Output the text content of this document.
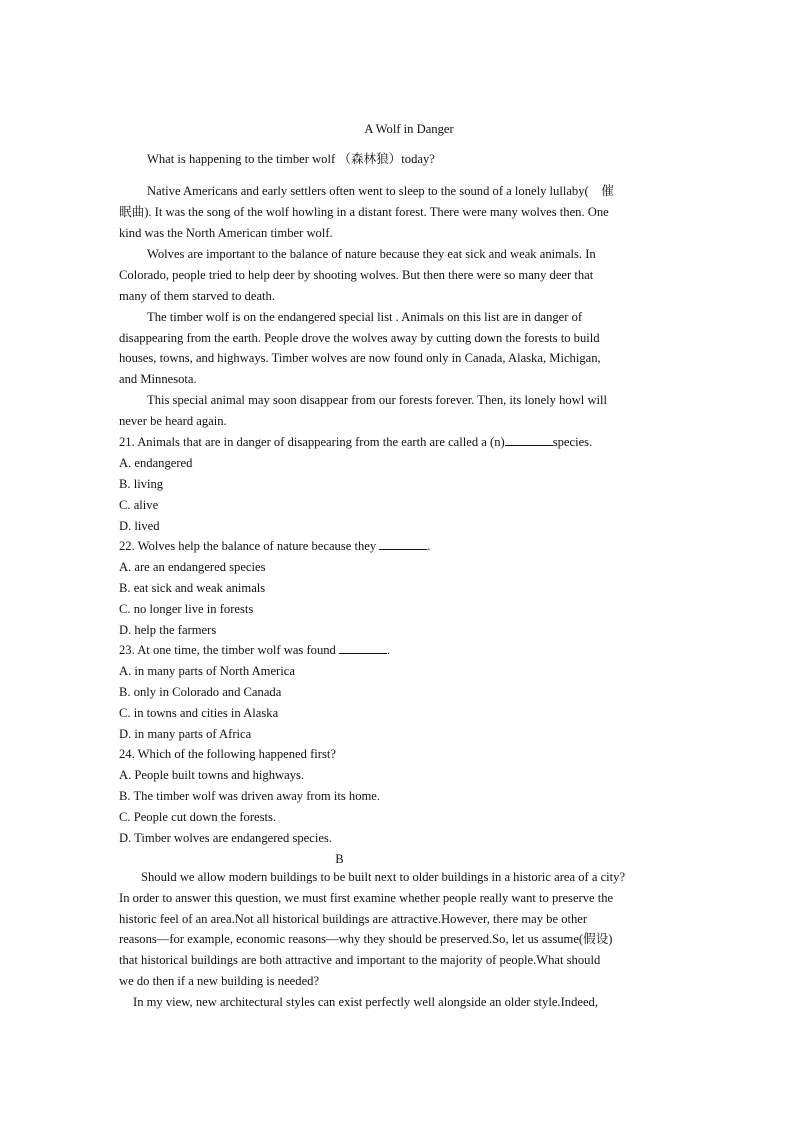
A Wolf in Danger
What is happening to the timber wolf （森林狼）today?
Native Americans and early settlers often went to sleep to the sound of a lonely lullaby(　催
眠曲). It was the song of the wolf howling in a distant forest. There were many wolves then. One
kind was the North American timber wolf.
Wolves are important to the balance of nature because they eat sick and weak animals. In
Colorado, people tried to help deer by shooting wolves. But then there were so many deer that
many of them starved to death.
The timber wolf is on the endangered special list . Animals on this list are in danger of
disappearing from the earth. People drove the wolves away by cutting down the forests to build
houses, towns, and highways. Timber wolves are now found only in Canada, Alaska, Michigan,
and Minnesota.
This special animal may soon disappear from our forests forever. Then, its lonely howl will
never be heard again.
21. Animals that are in danger of disappearing from the earth are called a (n)	species.
A. endangered
B. living
C. alive
D. lived
22. Wolves help the balance of nature because they	.
A. are an endangered species
B. eat sick and weak animals
C. no longer live in forests
D. help the farmers
23. At one time, the timber wolf was found	.
A. in many parts of North America
B. only in Colorado and Canada
C. in towns and cities in Alaska
D. in many parts of Africa
24. Which of the following happened first?
A. People built towns and highways.
B. The timber wolf was driven away from its home.
C. People cut down the forests.
D. Timber wolves are endangered species.
B
Should we allow modern buildings to be built next to older buildings in a historic area of a city?
In order to answer this question, we must first examine whether people really want to preserve the
historic feel of an area.Not all historical buildings are attractive.However, there may be other
reasons—for example, economic reasons—why they should be preserved.So, let us assume(假设)
that historical buildings are both attractive and important to the majority of people.What should
we do then if a new building is needed?
In my view, new architectural styles can exist perfectly well alongside an older style.Indeed,
